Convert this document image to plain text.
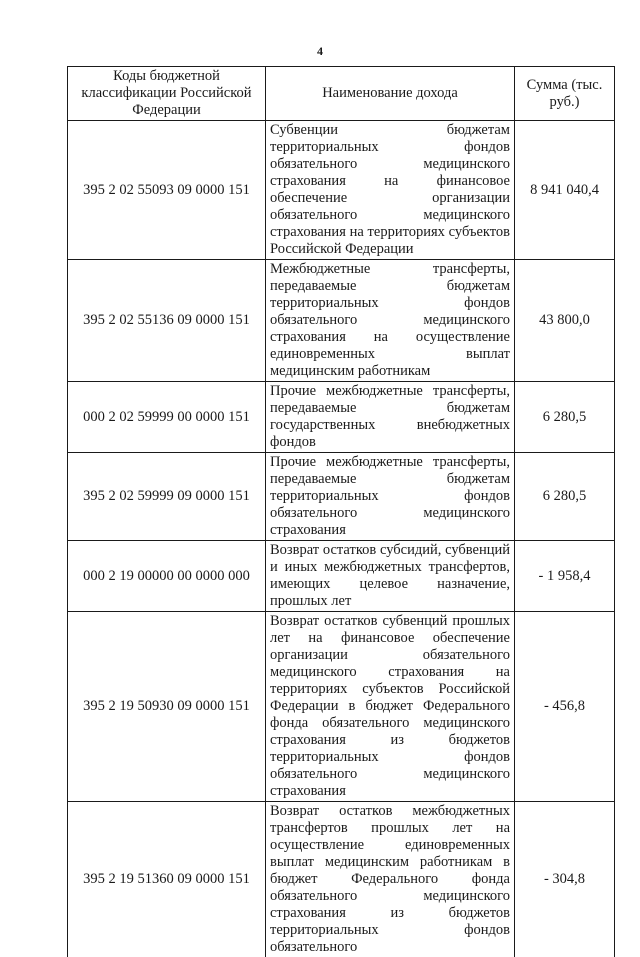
4
Коды бюджетной классификации Российской Федерации	Наименование дохода	Сумма (тыс. руб.)
395 2 02 55093 09 0000 151	Субвенции бюджетам территориальных фондов обязательного медицинского страхования на финансовое обеспечение организации обязательного медицинского страхования на территориях субъектов Российской Федерации	8 941 040,4
395 2 02 55136 09 0000 151	Межбюджетные трансферты, передаваемые бюджетам территориальных фондов обязательного медицинского страхования на осуществление единовременных выплат медицинским работникам	43 800,0
000 2 02 59999 00 0000 151	Прочие межбюджетные трансферты, передаваемые бюджетам государственных внебюджетных фондов	6 280,5
395 2 02 59999 09 0000 151	Прочие межбюджетные трансферты, передаваемые бюджетам территориальных фондов обязательного медицинского страхования	6 280,5
000 2 19 00000 00 0000 000	Возврат остатков субсидий, субвенций и иных межбюджетных трансфертов, имеющих целевое назначение, прошлых лет	- 1 958,4
395 2 19 50930 09 0000 151	Возврат остатков субвенций прошлых лет на финансовое обеспечение организации обязательного медицинского страхования на территориях субъектов Российской Федерации в бюджет Федерального фонда обязательного медицинского страхования из бюджетов территориальных фондов обязательного медицинского страхования	- 456,8
395 2 19 51360 09 0000 151	Возврат остатков межбюджетных трансфертов прошлых лет на осуществление единовременных выплат медицинским работникам в бюджет Федерального фонда обязательного медицинского страхования из бюджетов территориальных фондов обязательного	- 304,8
